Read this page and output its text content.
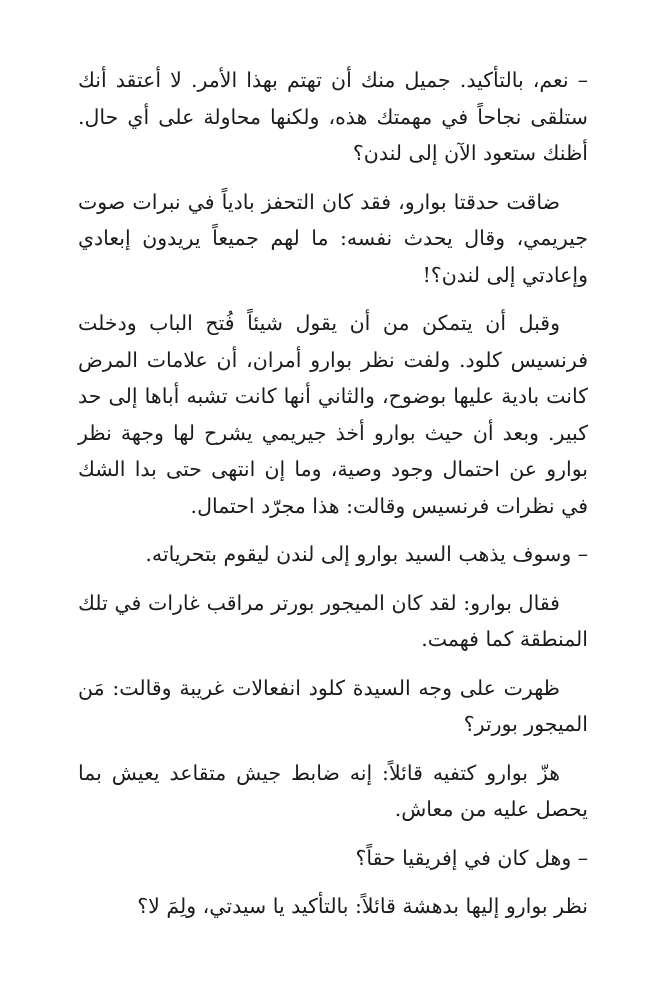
– نعم، بالتأكيد. جميل منك أن تهتم بهذا الأمر. لا أعتقد أنك ستلقى نجاحاً في مهمتك هذه، ولكنها محاولة على أي حال. أظنك ستعود الآن إلى لندن؟

ضاقت حدقتا بوارو، فقد كان التحفز بادياً في نبرات صوت جيريمي، وقال يحدث نفسه: ما لهم جميعاً يريدون إبعادي وإعادتي إلى لندن؟!

وقبل أن يتمكن من أن يقول شيئاً فُتح الباب ودخلت فرنسيس كلود. ولفت نظر بوارو أمران، أن علامات المرض كانت بادية عليها بوضوح، والثاني أنها كانت تشبه أباها إلى حد كبير. وبعد أن حيث بوارو أخذ جيريمي يشرح لها وجهة نظر بوارو عن احتمال وجود وصية، وما إن انتهى حتى بدا الشك في نظرات فرنسيس وقالت: هذا مجرّد احتمال.

– وسوف يذهب السيد بوارو إلى لندن ليقوم بتحرياته.

فقال بوارو: لقد كان الميجور بورتر مراقب غارات في تلك المنطقة كما فهمت.

ظهرت على وجه السيدة كلود انفعالات غريبة وقالت: مَن الميجور بورتر؟

هزّ بوارو كتفيه قائلاً: إنه ضابط جيش متقاعد يعيش بما يحصل عليه من معاش.

– وهل كان في إفريقيا حقاً؟

نظر بوارو إليها بدهشة قائلاً: بالتأكيد يا سيدتي، ولِمَ لا؟
